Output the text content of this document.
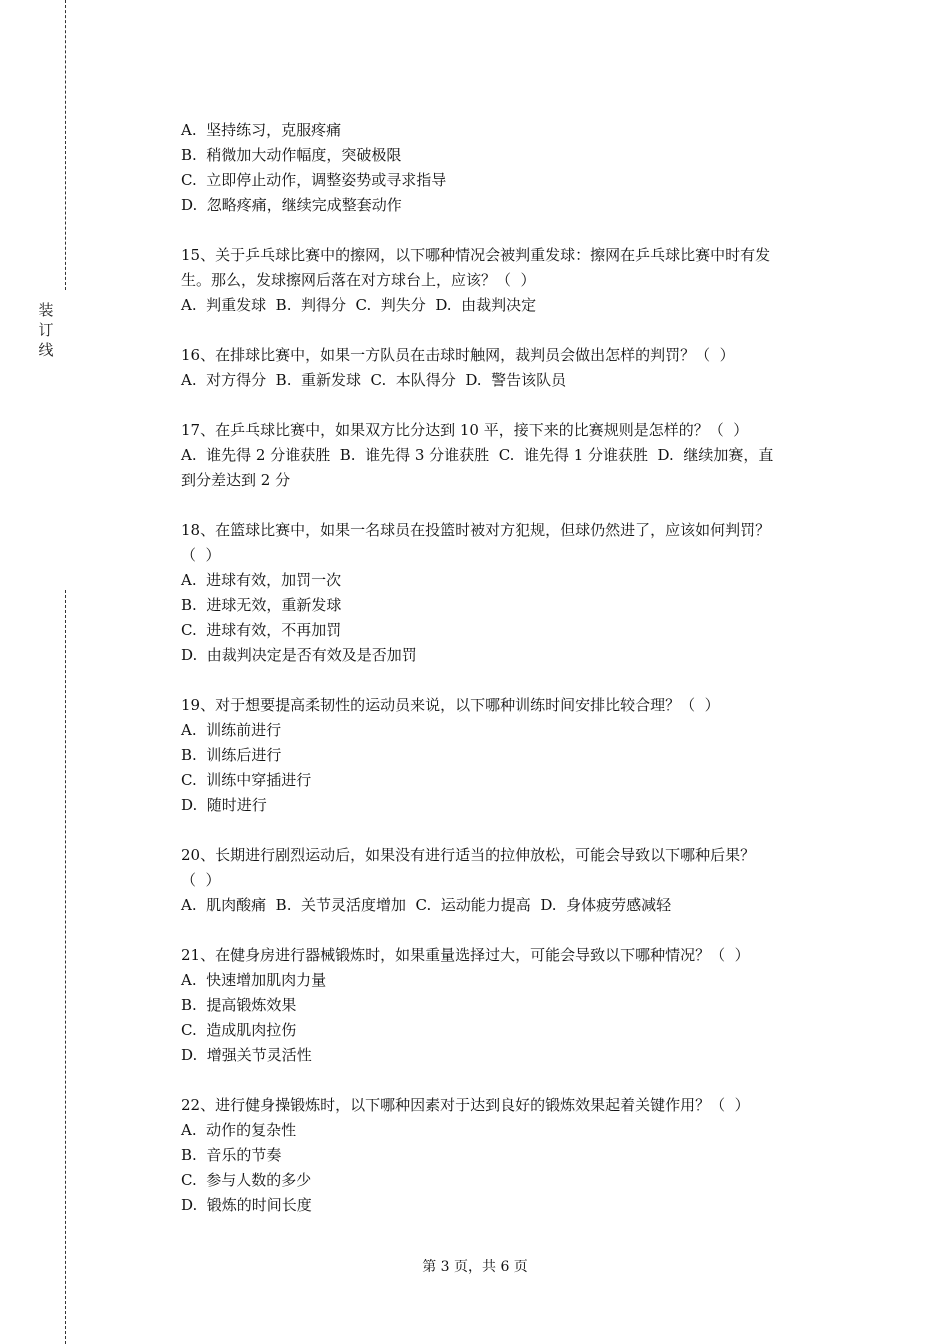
装
订
线
A.  坚持练习，克服疼痛
B.  稍微加大动作幅度，突破极限
C.  立即停止动作，调整姿势或寻求指导
D.  忽略疼痛，继续完成整套动作
15、关于乒乓球比赛中的擦网，以下哪种情况会被判重发球：擦网在乒乓球比赛中时有发
生。那么，发球擦网后落在对方球台上，应该？（  ）
A.  判重发球  B.  判得分  C.  判失分  D.  由裁判决定
16、在排球比赛中，如果一方队员在击球时触网，裁判员会做出怎样的判罚？（  ）
A.  对方得分  B.  重新发球  C.  本队得分  D.  警告该队员
17、在乒乓球比赛中，如果双方比分达到 10 平，接下来的比赛规则是怎样的？（  ）
A.  谁先得 2 分谁获胜  B.  谁先得 3 分谁获胜  C.  谁先得 1 分谁获胜  D.  继续加赛，直
到分差达到 2 分
18、在篮球比赛中，如果一名球员在投篮时被对方犯规，但球仍然进了，应该如何判罚？
（  ）
A.  进球有效，加罚一次
B.  进球无效，重新发球
C.  进球有效，不再加罚
D.  由裁判决定是否有效及是否加罚
19、对于想要提高柔韧性的运动员来说，以下哪种训练时间安排比较合理？（  ）
A.  训练前进行
B.  训练后进行
C.  训练中穿插进行
D.  随时进行
20、长期进行剧烈运动后，如果没有进行适当的拉伸放松，可能会导致以下哪种后果？
（  ）
A.  肌肉酸痛  B.  关节灵活度增加  C.  运动能力提高  D.  身体疲劳感减轻
21、在健身房进行器械锻炼时，如果重量选择过大，可能会导致以下哪种情况？（  ）
A.  快速增加肌肉力量
B.  提高锻炼效果
C.  造成肌肉拉伤
D.  增强关节灵活性
22、进行健身操锻炼时，以下哪种因素对于达到良好的锻炼效果起着关键作用？（  ）
A.  动作的复杂性
B.  音乐的节奏
C.  参与人数的多少
D.  锻炼的时间长度
第 3 页，共 6 页
